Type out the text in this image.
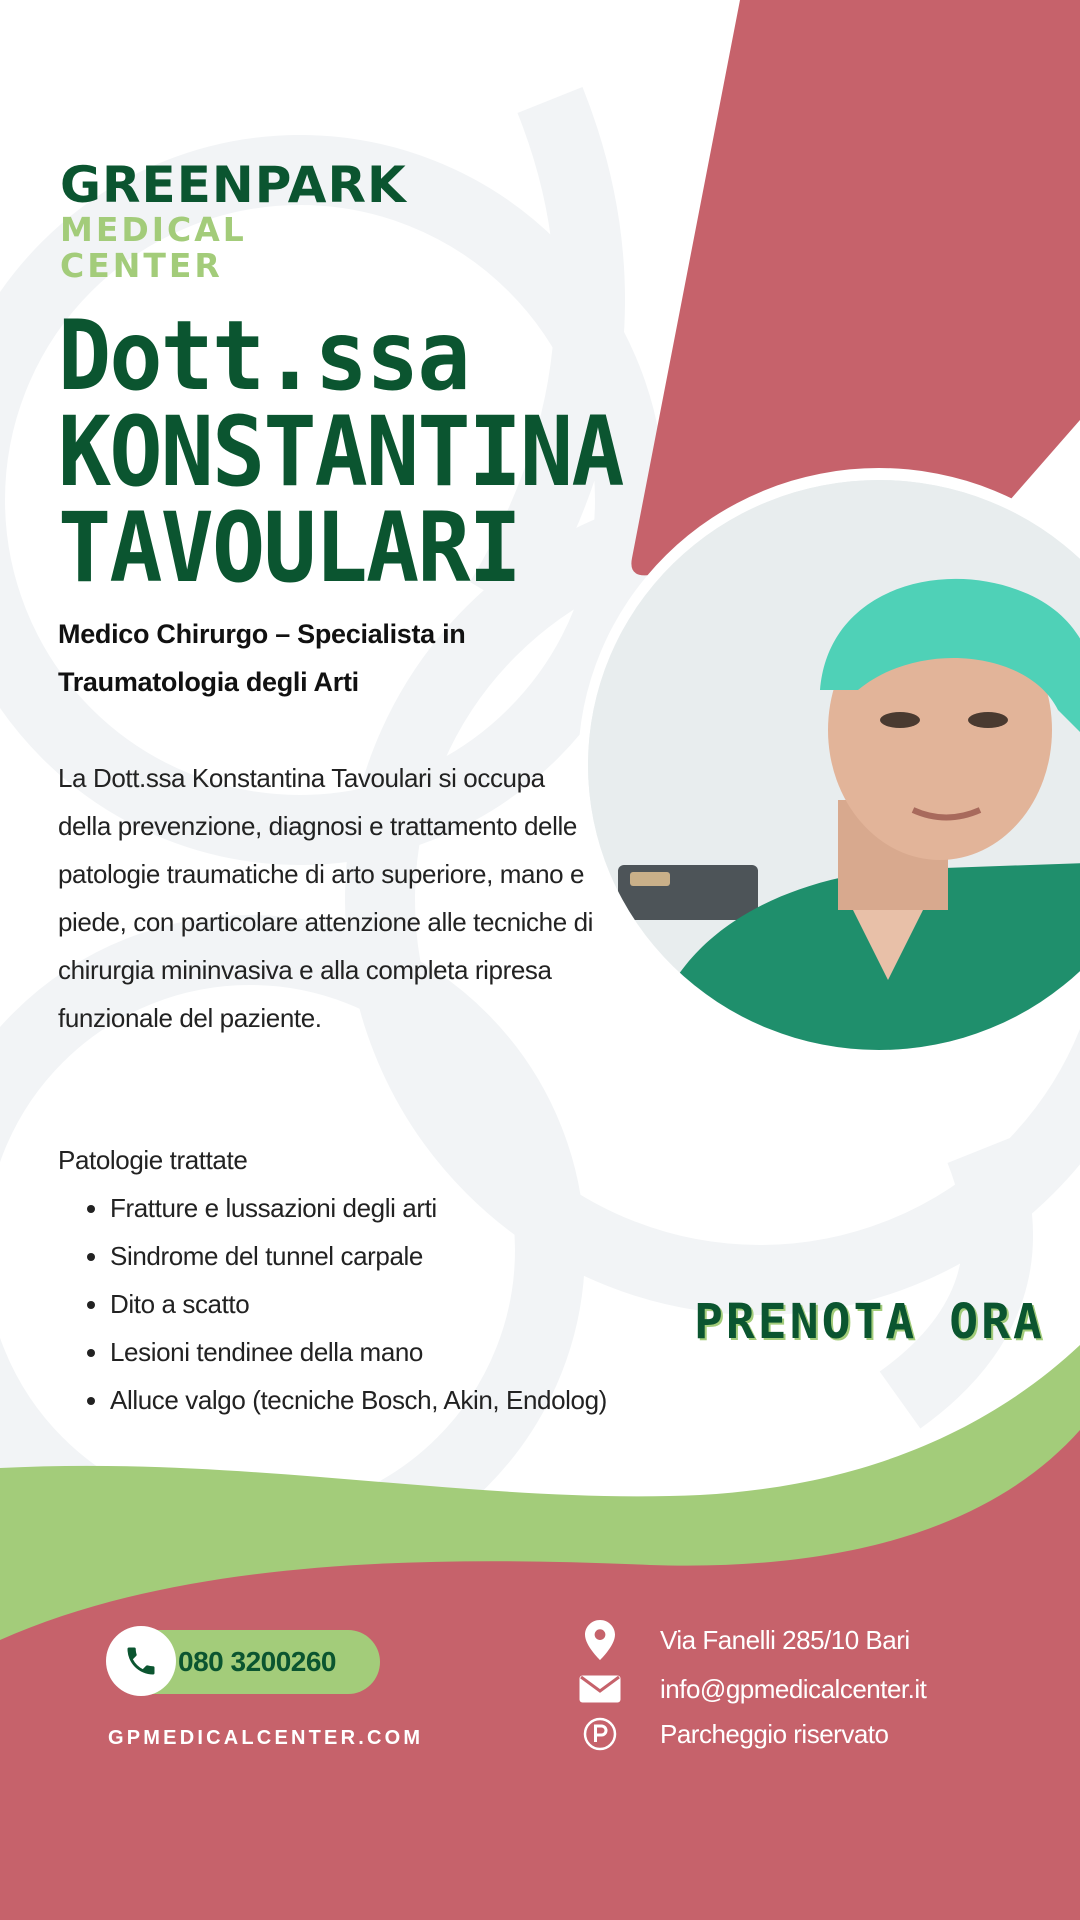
GREENPARK
MEDICAL CENTER
Dott.ssa
KONSTANTINA
TAVOULARI
Medico Chirurgo – Specialista in Traumatologia degli Arti
La Dott.ssa Konstantina Tavoulari si occupa della prevenzione, diagnosi e trattamento delle patologie traumatiche di arto superiore, mano e piede, con particolare attenzione alle tecniche di chirurgia mininvasiva e alla completa ripresa funzionale del paziente.
Patologie trattate
• Fratture e lussazioni degli arti
• Sindrome del tunnel carpale
• Dito a scatto
• Lesioni tendinee della mano
• Alluce valgo (tecniche Bosch, Akin, Endolog)
PRENOTA ORA
080 3200260
GPMEDICALCENTER.COM
Via Fanelli 285/10 Bari
info@gpmedicalcenter.it
Parcheggio riservato
